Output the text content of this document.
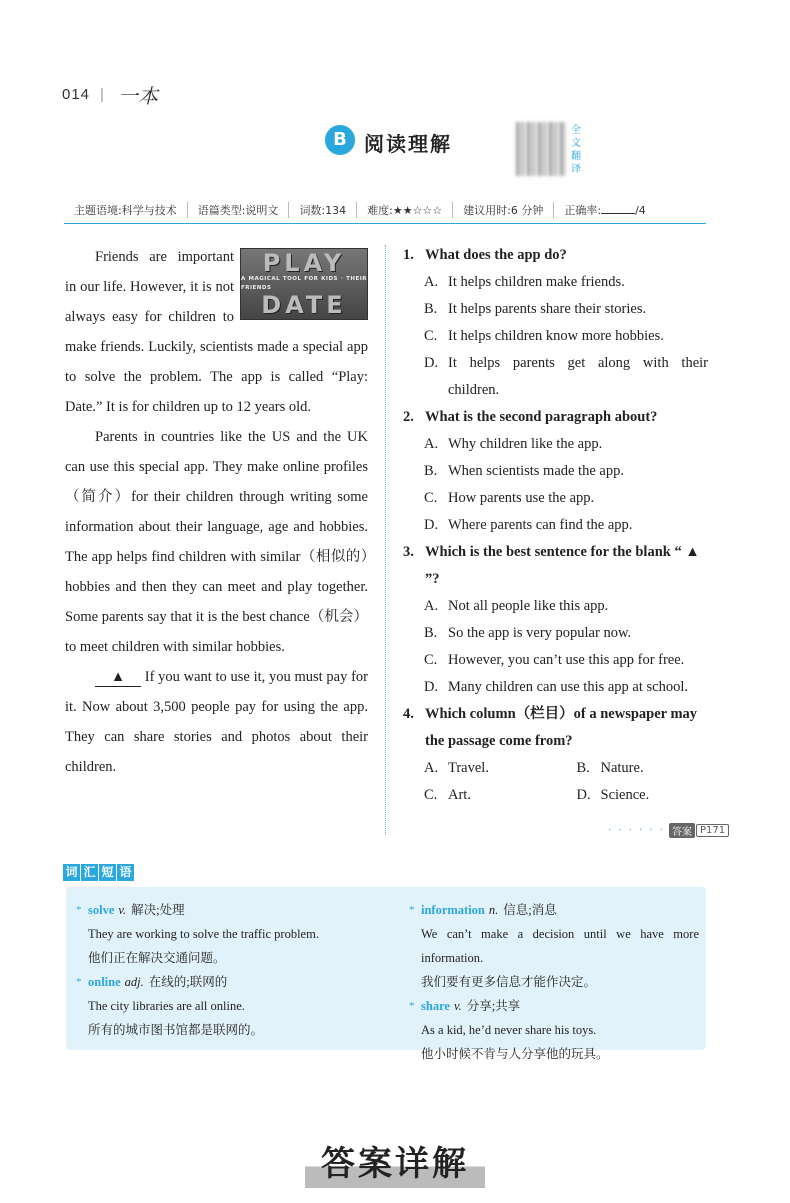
014 | 一本
B 阅读理解
全文翻译
主题语境:科学与技术	语篇类型:说明文	词数:134	难度:★★☆☆☆	建议用时:6 分钟	正确率:	/4
PLAY
A MAGICAL TOOL FOR KIDS · THEIR FRIENDS
DATE

Friends are important in our life. However, it is not always easy for children to make friends. Luckily, scientists made a special app to solve the problem. The app is called “Play: Date.” It is for children up to 12 years old.

Parents in countries like the US and the UK can use this special app. They make online profiles（简介）for their children through writing some information about their language, age and hobbies. The app helps find children with similar（相似的）hobbies and then they can meet and play together. Some parents say that it is the best chance（机会）to meet children with similar hobbies.

▲ If you want to use it, you must pay for it. Now about 3,500 people pay for using the app. They can share stories and photos about their children.

1. What does the app do?
A. It helps children make friends.
B. It helps parents share their stories.
C. It helps children know more hobbies.
D. It helps parents get along with their children.
2. What is the second paragraph about?
A. Why children like the app.
B. When scientists made the app.
C. How parents use the app.
D. Where parents can find the app.
3. Which is the best sentence for the blank “ ▲ ”?
A. Not all people like this app.
B. So the app is very popular now.
C. However, you can’t use this app for free.
D. Many children can use this app at school.
4. Which column（栏目）of a newspaper may the passage come from?
A. Travel.	B. Nature.
C. Art.	D. Science.
· · · · · · 答案 P171
词 汇 短 语
* solve v. 解决;处理
They are working to solve the traffic problem.
他们正在解决交通问题。
* online adj. 在线的;联网的
The city libraries are all online.
所有的城市图书馆都是联网的。
* information n. 信息;消息
We can’t make a decision until we have more information.
我们要有更多信息才能作决定。
* share v. 分享;共享
As a kid, he’d never share his toys.
他小时候不肯与人分享他的玩具。
答案详解
